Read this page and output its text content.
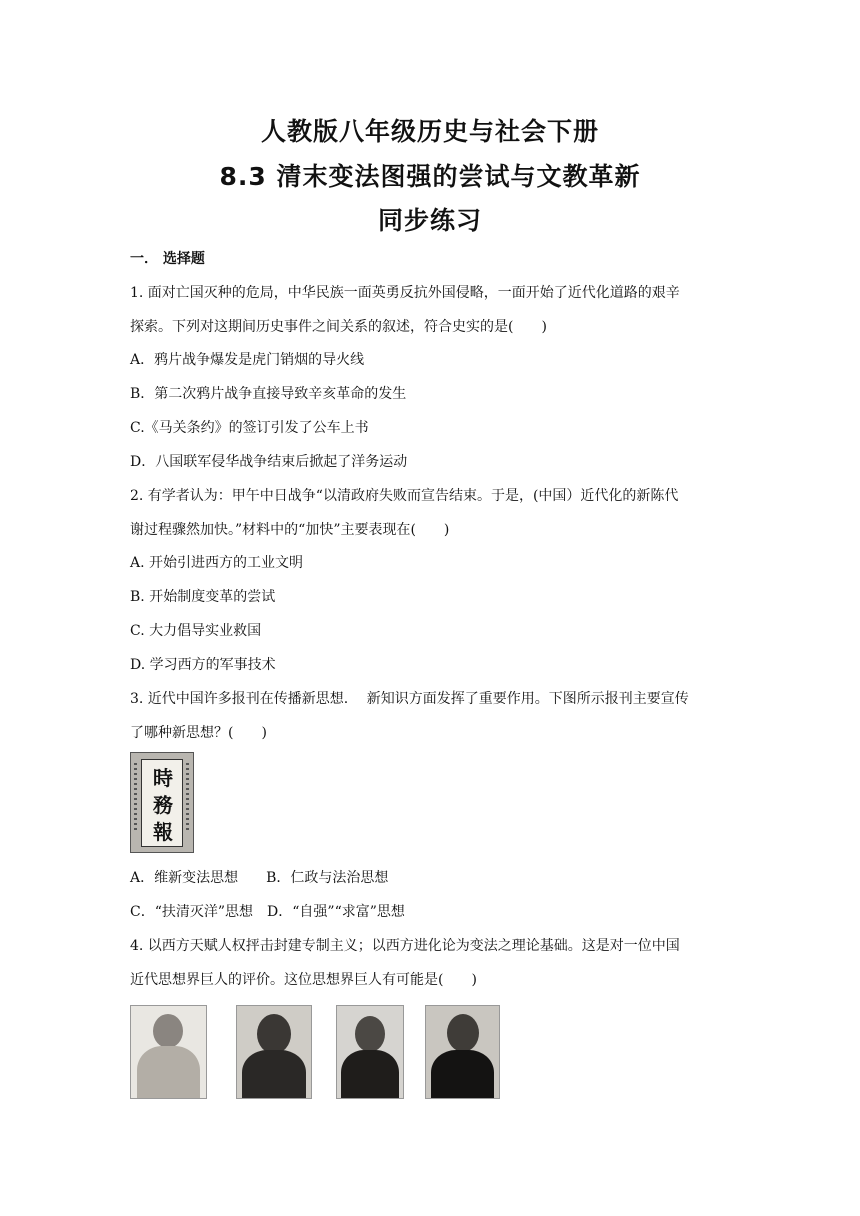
人教版八年级历史与社会下册
8.3 清末变法图强的尝试与文教革新
同步练习
一． 选择题
1. 面对亡国灭种的危局，中华民族一面英勇反抗外国侵略，一面开始了近代化道路的艰辛
探索。下列对这期间历史事件之间关系的叙述，符合史实的是(　　)
A．鸦片战争爆发是虎门销烟的导火线
B．第二次鸦片战争直接导致辛亥革命的发生
C.《马关条约》的签订引发了公车上书
D．八国联军侵华战争结束后掀起了洋务运动
2. 有学者认为：甲午中日战争“以清政府失败而宣告结束。于是，(中国）近代化的新陈代
谢过程骤然加快。”材料中的“加快”主要表现在(　　)
A. 开始引进西方的工业文明
B. 开始制度变革的尝试
C. 大力倡导实业救国
D. 学习西方的军事技术
3. 近代中国许多报刊在传播新思想.　 新知识方面发挥了重要作用。下图所示报刊主要宣传
了哪种新思想？(　　)
時
務
報
A．维新变法思想　　B．仁政与法治思想
C．“扶清灭洋”思想　D．“自强”“求富”思想
4. 以西方天赋人权抨击封建专制主义；以西方进化论为变法之理论基础。这是对一位中国
近代思想界巨人的评价。这位思想界巨人有可能是(　　)
